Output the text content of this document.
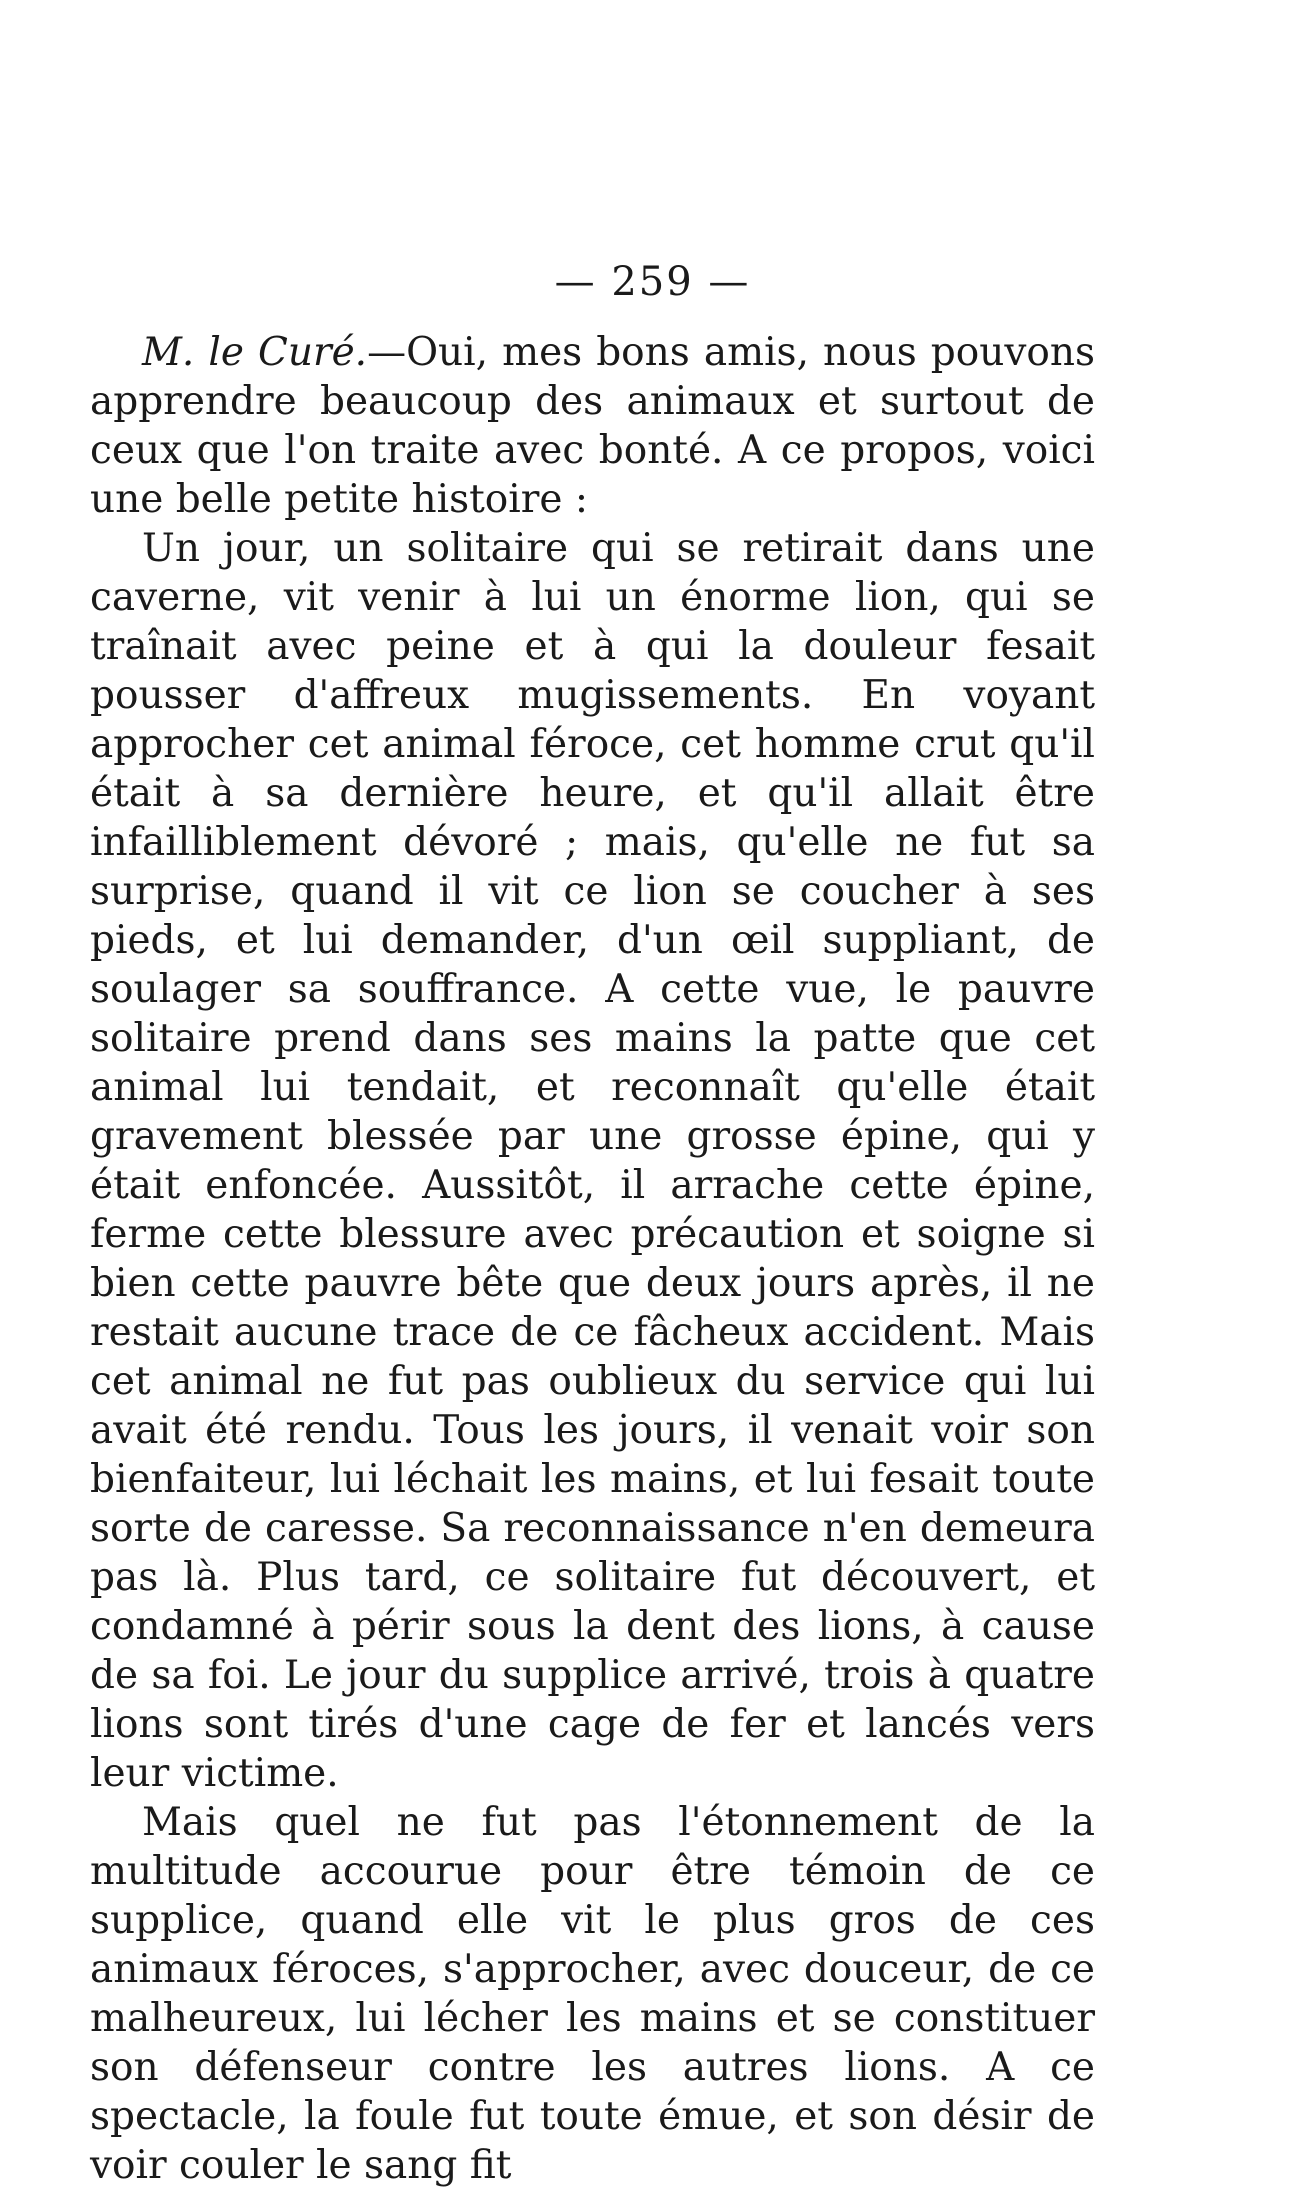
— 259 —

M. le Curé.—Oui, mes bons amis, nous pouvons apprendre beaucoup des animaux et surtout de ceux que l'on traite avec bonté. A ce propos, voici une belle petite histoire :

Un jour, un solitaire qui se retirait dans une caverne, vit venir à lui un énorme lion, qui se traînait avec peine et à qui la douleur fesait pousser d'affreux mugissements. En voyant approcher cet animal féroce, cet homme crut qu'il était à sa dernière heure, et qu'il allait être infailliblement dévoré ; mais, qu'elle ne fut sa surprise, quand il vit ce lion se coucher à ses pieds, et lui demander, d'un œil suppliant, de soulager sa souffrance. A cette vue, le pauvre solitaire prend dans ses mains la patte que cet animal lui tendait, et reconnaît qu'elle était gravement blessée par une grosse épine, qui y était enfoncée. Aussitôt, il arrache cette épine, ferme cette blessure avec précaution et soigne si bien cette pauvre bête que deux jours après, il ne restait aucune trace de ce fâcheux accident. Mais cet animal ne fut pas oublieux du service qui lui avait été rendu. Tous les jours, il venait voir son bienfaiteur, lui léchait les mains, et lui fesait toute sorte de caresse. Sa reconnaissance n'en demeura pas là. Plus tard, ce solitaire fut découvert, et condamné à périr sous la dent des lions, à cause de sa foi. Le jour du supplice arrivé, trois à quatre lions sont tirés d'une cage de fer et lancés vers leur victime.

Mais quel ne fut pas l'étonnement de la multitude accourue pour être témoin de ce supplice, quand elle vit le plus gros de ces animaux féroces, s'approcher, avec douceur, de ce malheureux, lui lécher les mains et se constituer son défenseur contre les autres lions. A ce spectacle, la foule fut toute émue, et son désir de voir couler le sang fit
